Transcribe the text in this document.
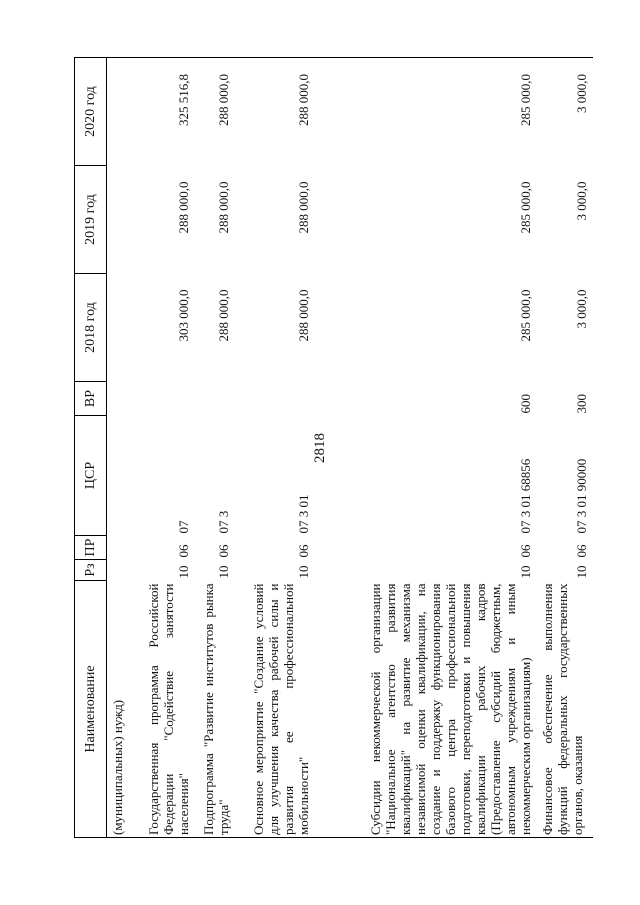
2818
Наименование	Рз	ПР	ЦСР	ВР	2018 год	2019 год	2020 год
(муниципальных) нужд)							
Государственная программа Российской Федерации "Содействие занятости населения"	10	06	07		303 000,0	288 000,0	325 516,8
Подпрограмма "Развитие институтов рынка труда"	10	06	07 3		288 000,0	288 000,0	288 000,0
Основное мероприятие "Создание условий для улучшения качества рабочей силы и развития ее профессиональной мобильности"	10	06	07 3 01		288 000,0	288 000,0	288 000,0
Субсидии некоммерческой организации "Национальное агентство развития квалификаций" на развитие механизма независимой оценки квалификации, на создание и поддержку функционирования базового центра профессиональной подготовки, переподготовки и повышения квалификации рабочих кадров (Предоставление субсидий бюджетным, автономным учреждениям и иным некоммерческим организациям)	10	06	07 3 01 68856	600	285 000,0	285 000,0	285 000,0
Финансовое обеспечение выполнения функций федеральных государственных органов, оказания	10	06	07 3 01 90000	300	3 000,0	3 000,0	3 000,0
